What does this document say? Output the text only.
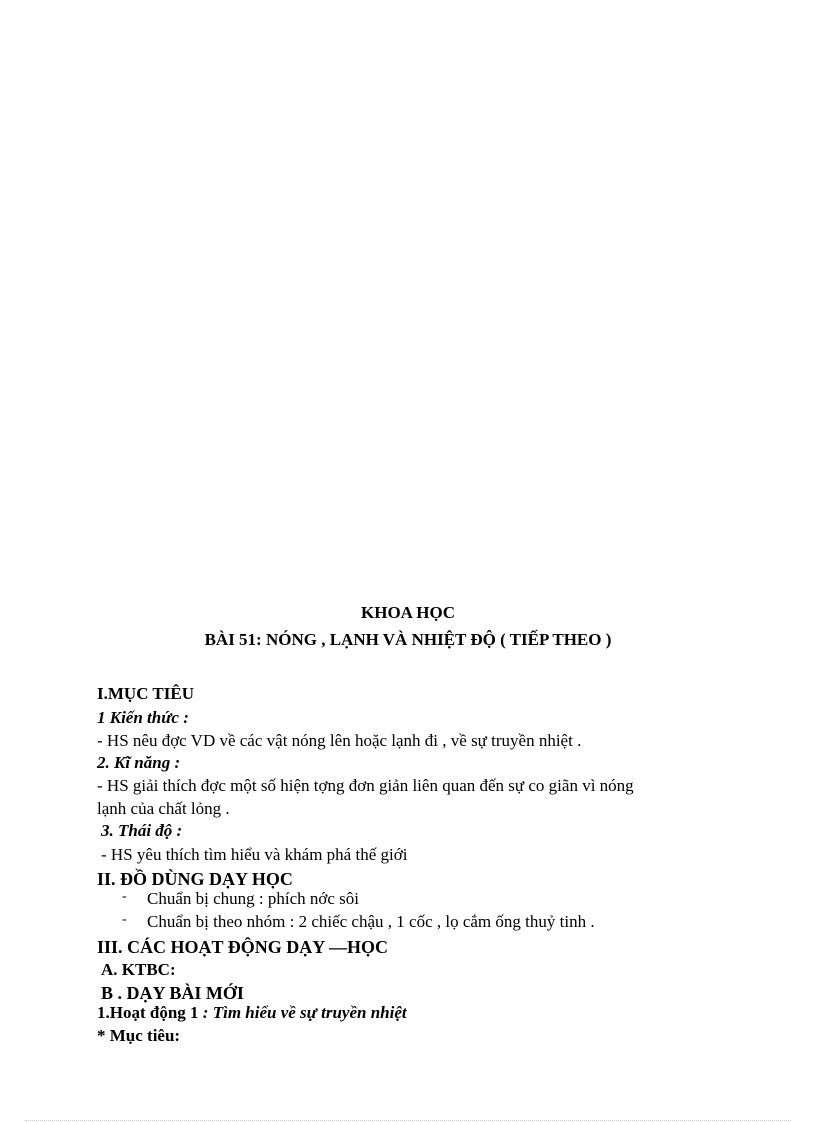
KHOA HỌC
BÀI 51: NÓNG , LẠNH VÀ NHIỆT ĐỘ ( TIẾP THEO )
I.MỤC TIÊU
1 Kiến thức :
- HS nêu đợc VD về các vật nóng lên hoặc lạnh đi , về sự truyền nhiệt .
2. Kĩ năng :
- HS giải thích đợc một số hiện tợng đơn giản liên quan đến sự co giãn vì nóng
lạnh của chất lỏng .
3. Thái độ :
- HS yêu thích tìm hiểu và khám phá thế giới
II. ĐỒ DÙNG DẠY HỌC
- Chuẩn bị chung : phích nớc sôi
- Chuẩn bị theo nhóm : 2 chiếc chậu , 1 cốc , lọ cắm ống thuỷ tinh .
III. CÁC HOẠT ĐỘNG DẠY —HỌC
A. KTBC:
B . DẠY BÀI MỚI
1.Hoạt động 1 : Tìm hiểu về sự truyền nhiệt
* Mục tiêu:
